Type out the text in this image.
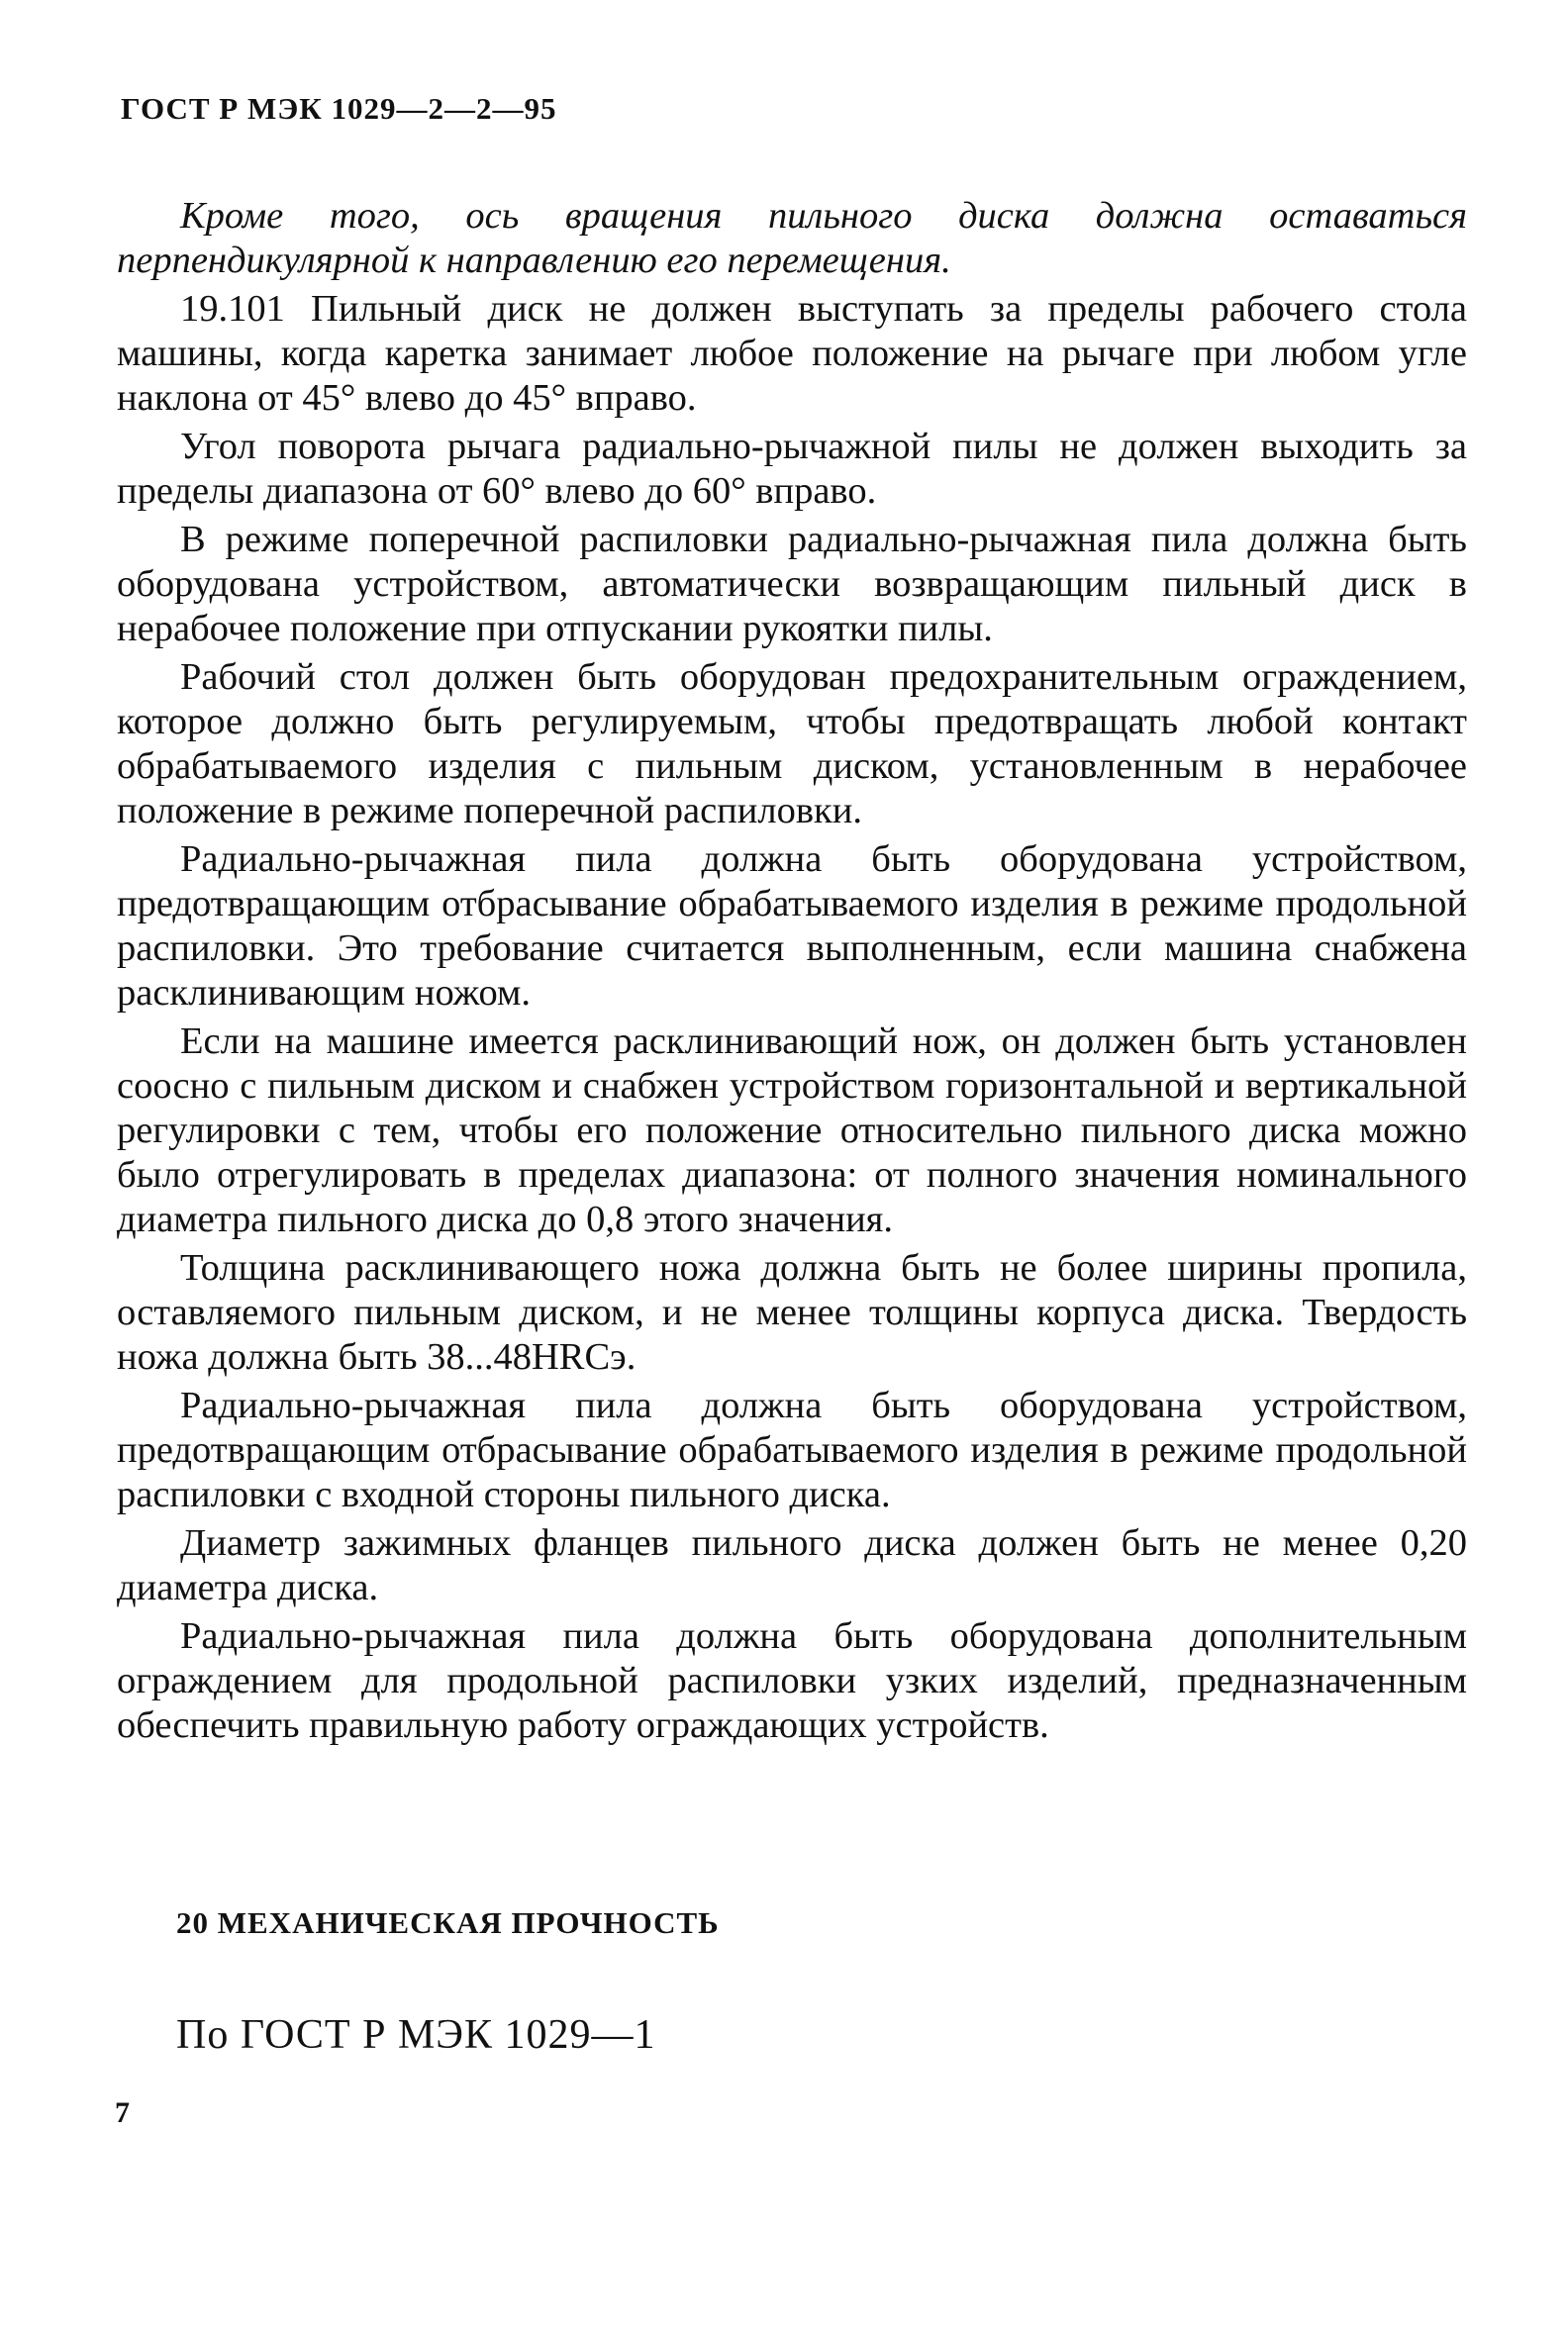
ГОСТ Р МЭК 1029—2—2—95

Кроме того, ось вращения пильного диска должна оставаться перпендикулярной к направлению его перемещения.

19.101 Пильный диск не должен выступать за пределы рабочего стола машины, когда каретка занимает любое положение на рычаге при любом угле наклона от 45° влево до 45° вправо.

Угол поворота рычага радиально-рычажной пилы не должен выходить за пределы диапазона от 60° влево до 60° вправо.

В режиме поперечной распиловки радиально-рычажная пила должна быть оборудована устройством, автоматически возвращающим пильный диск в нерабочее положение при отпускании рукоятки пилы.

Рабочий стол должен быть оборудован предохранительным ограждением, которое должно быть регулируемым, чтобы предотвращать любой контакт обрабатываемого изделия с пильным диском, установленным в нерабочее положение в режиме поперечной распиловки.

Радиально-рычажная пила должна быть оборудована устройством, предотвращающим отбрасывание обрабатываемого изделия в режиме продольной распиловки. Это требование считается выполненным, если машина снабжена расклинивающим ножом.

Если на машине имеется расклинивающий нож, он должен быть установлен соосно с пильным диском и снабжен устройством горизонтальной и вертикальной регулировки с тем, чтобы его положение относительно пильного диска можно было отрегулировать в пределах диапазона: от полного значения номинального диаметра пильного диска до 0,8 этого значения.

Толщина расклинивающего ножа должна быть не более ширины пропила, оставляемого пильным диском, и не менее толщины корпуса диска. Твердость ножа должна быть 38...48HRCэ.

Радиально-рычажная пила должна быть оборудована устройством, предотвращающим отбрасывание обрабатываемого изделия в режиме продольной распиловки с входной стороны пильного диска.

Диаметр зажимных фланцев пильного диска должен быть не менее 0,20 диаметра диска.

Радиально-рычажная пила должна быть оборудована дополнительным ограждением для продольной распиловки узких изделий, предназначенным обеспечить правильную работу ограждающих устройств.

20 МЕХАНИЧЕСКАЯ ПРОЧНОСТЬ
По ГОСТ Р МЭК 1029—1
7
